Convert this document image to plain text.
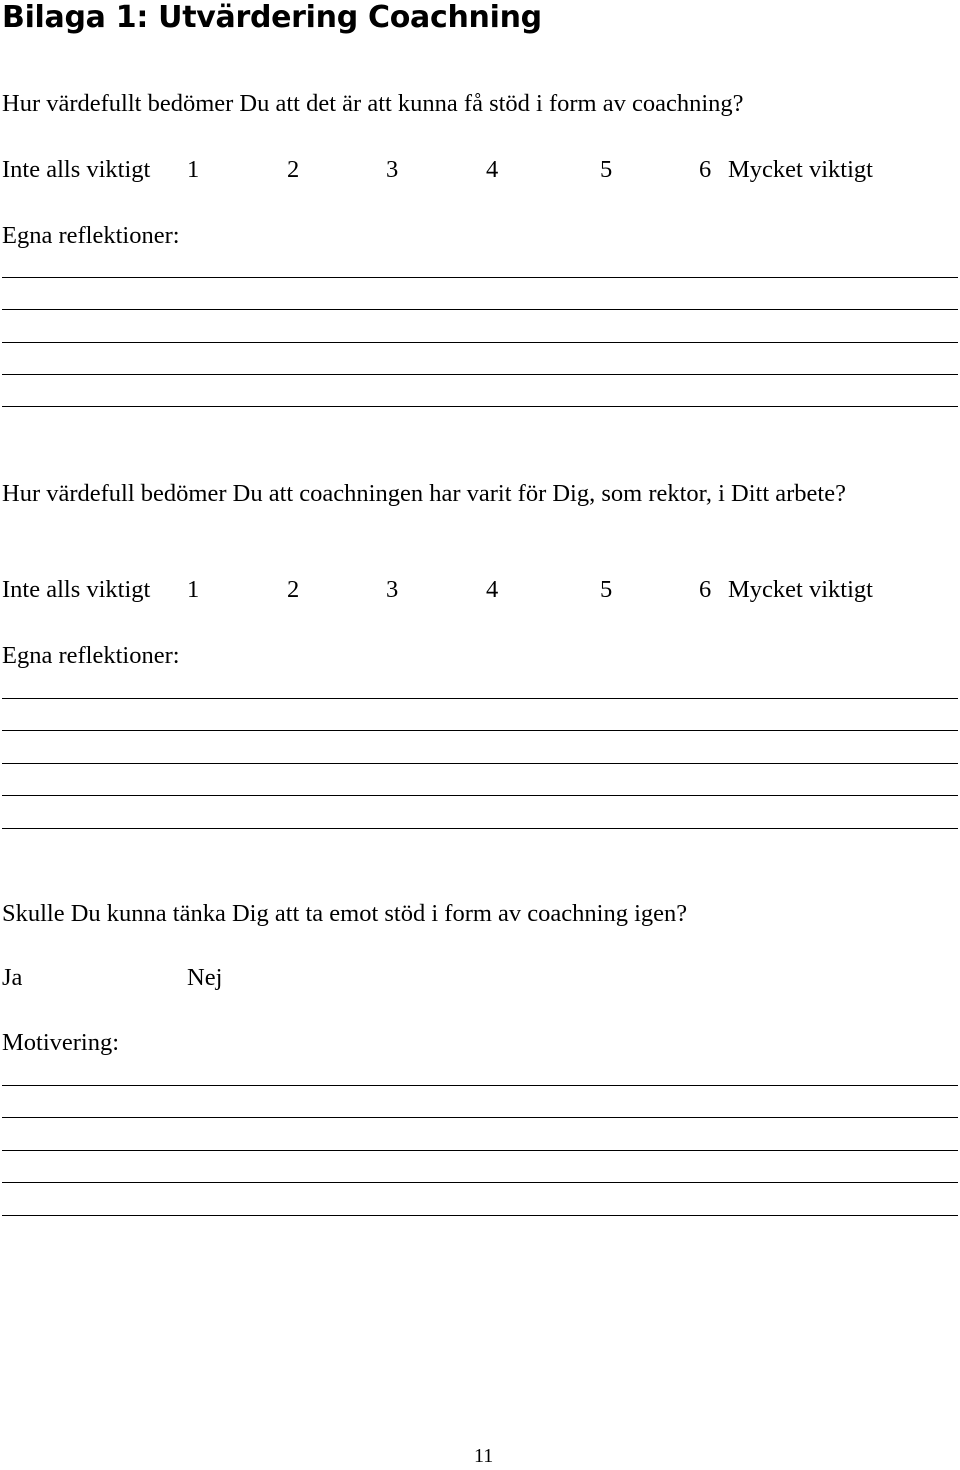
Bilaga 1: Utvärdering Coachning
Hur värdefullt bedömer Du att det är att kunna få stöd i form av coachning?
Inte alls viktigt 1	2	3	4	5	6 Mycket viktigt
Egna reflektioner:
Hur värdefull bedömer Du att coachningen har varit för Dig, som rektor, i Ditt arbete?
Inte alls viktigt 1	2	3	4	5	6 Mycket viktigt
Egna reflektioner:
Skulle Du kunna tänka Dig att ta emot stöd i form av coachning igen?
Ja	Nej
Motivering:
11
